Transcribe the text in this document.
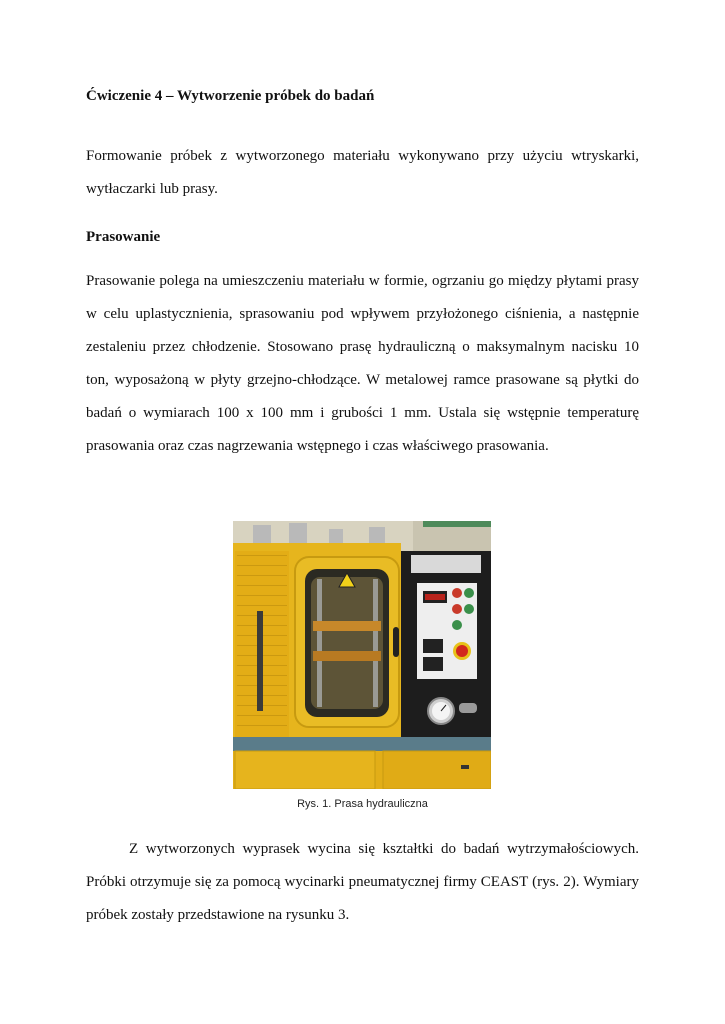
Ćwiczenie 4 – Wytworzenie próbek do badań
Formowanie próbek z wytworzonego materiału wykonywano przy użyciu wtryskarki, wytłaczarki lub prasy.
Prasowanie
Prasowanie polega na umieszczeniu materiału w formie, ogrzaniu go między płytami prasy w celu uplastycznienia, sprasowaniu pod wpływem przyłożonego ciśnienia, a następnie zestaleniu przez chłodzenie. Stosowano prasę hydrauliczną o maksymalnym nacisku 10 ton, wyposażoną w płyty grzejno-chłodzące. W metalowej ramce prasowane są płytki do badań o wymiarach 100 x 100 mm i grubości 1 mm. Ustala się wstępnie temperaturę prasowania oraz czas nagrzewania wstępnego i czas właściwego prasowania.
Rys. 1. Prasa hydrauliczna
Z wytworzonych wyprasek wycina się kształtki do badań wytrzymałościowych. Próbki otrzymuje się za pomocą wycinarki pneumatycznej firmy CEAST (rys. 2). Wymiary próbek zostały przedstawione na rysunku 3.
